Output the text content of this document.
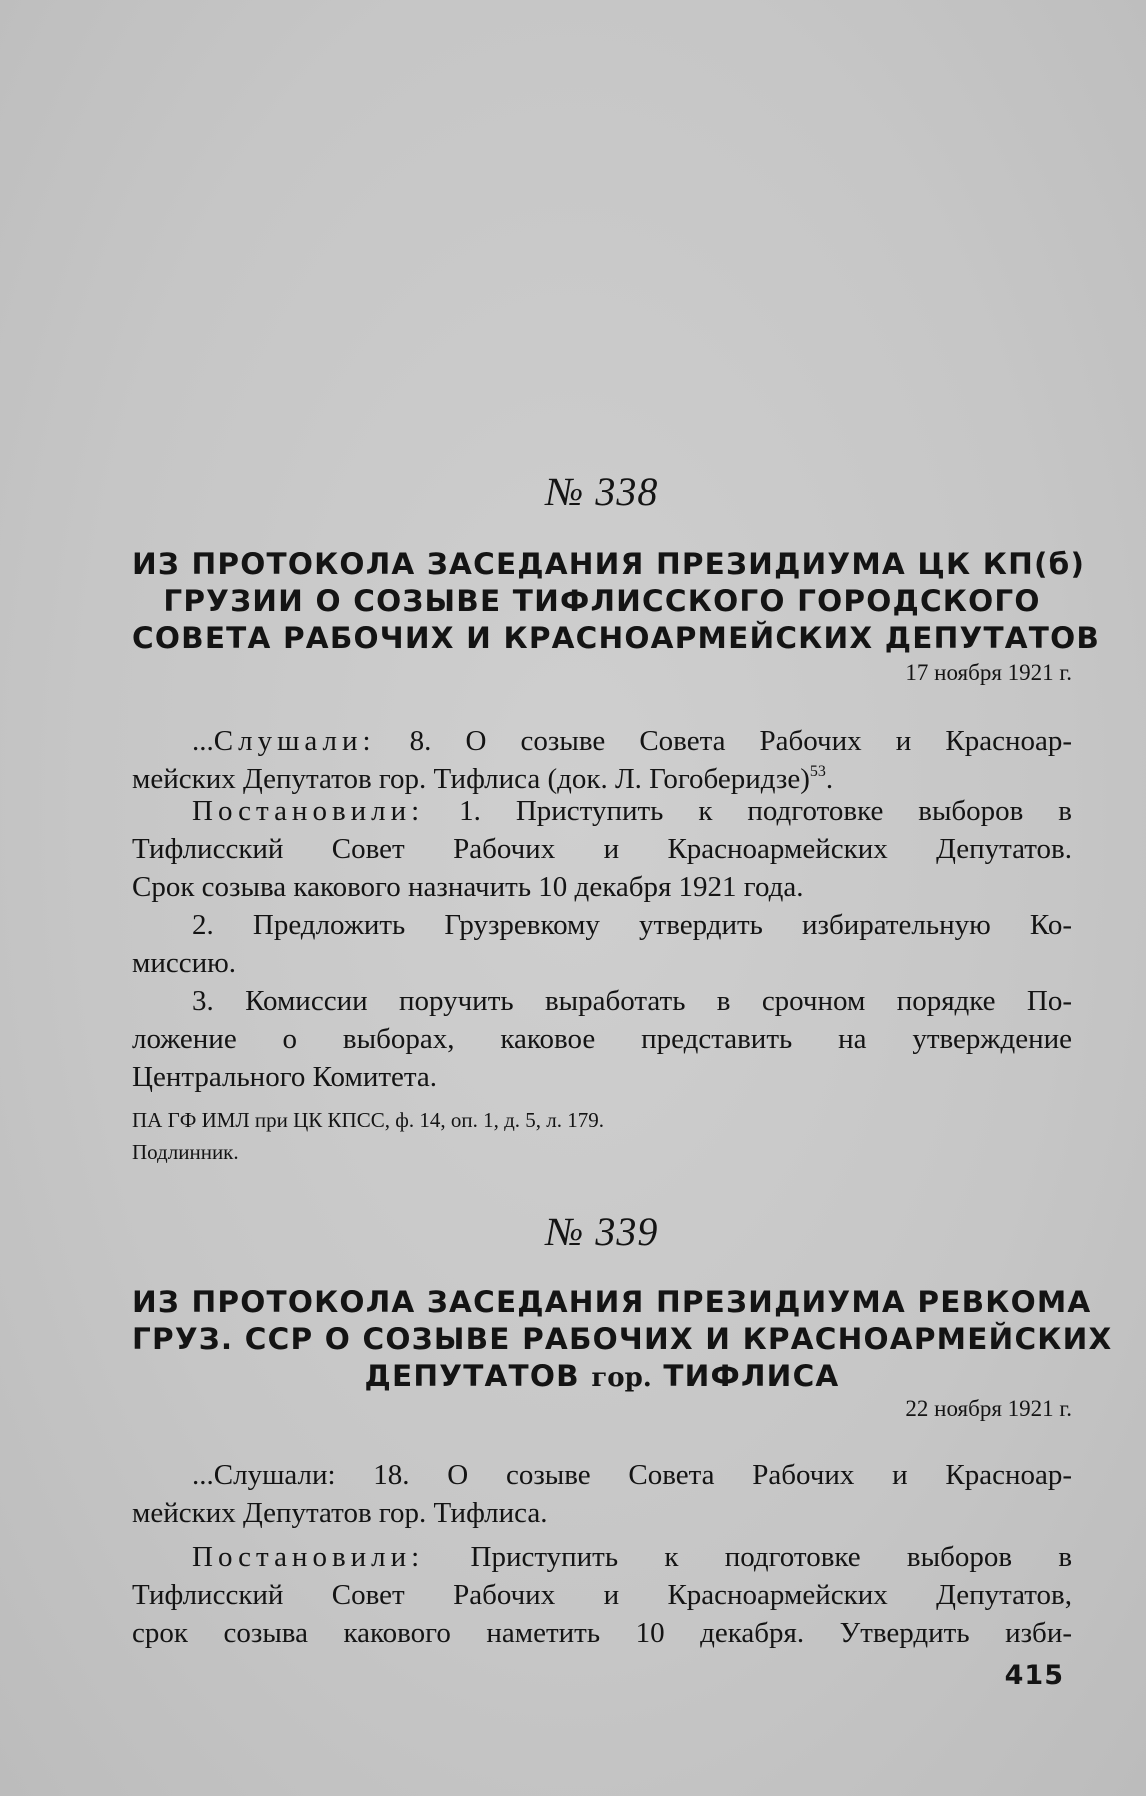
№ 338

ИЗ ПРОТОКОЛА ЗАСЕДАНИЯ ПРЕЗИДИУМА ЦК КП(б)
ГРУЗИИ О СОЗЫВЕ ТИФЛИССКОГО ГОРОДСКОГО
СОВЕТА РАБОЧИХ И КРАСНОАРМЕЙСКИХ ДЕПУТАТОВ

17 ноября 1921 г.

...Слушали: 8. О созыве Совета Рабочих и Красноар-
мейских Депутатов гор. Тифлиса (док. Л. Гогоберидзе)$^{53}$.
Постановили: 1. Приступить к подготовке выборов в
Тифлисский Совет Рабочих и Красноармейских Депутатов.
Срок созыва какового назначить 10 декабря 1921 года.
2. Предложить Грузревкому утвердить избирательную Ко-
миссию.
3. Комиссии поручить выработать в срочном порядке По-
ложение о выборах, каковое представить на утверждение
Центрального Комитета.
ПА ГФ ИМЛ при ЦК КПСС, ф. 14, оп. 1, д. 5, л. 179.
Подлинник.

№ 339

ИЗ ПРОТОКОЛА ЗАСЕДАНИЯ ПРЕЗИДИУМА РЕВКОМА
ГРУЗ. ССР О СОЗЫВЕ РАБОЧИХ И КРАСНОАРМЕЙСКИХ
ДЕПУТАТОВ гор. ТИФЛИСА

22 ноября 1921 г.

...Слушали: 18. О созыве Совета Рабочих и Красноар-
мейских Депутатов гор. Тифлиса.
Постановили: Приступить к подготовке выборов в
Тифлисский Совет Рабочих и Красноармейских Депутатов,
срок созыва какового наметить 10 декабря. Утвердить изби-
415
